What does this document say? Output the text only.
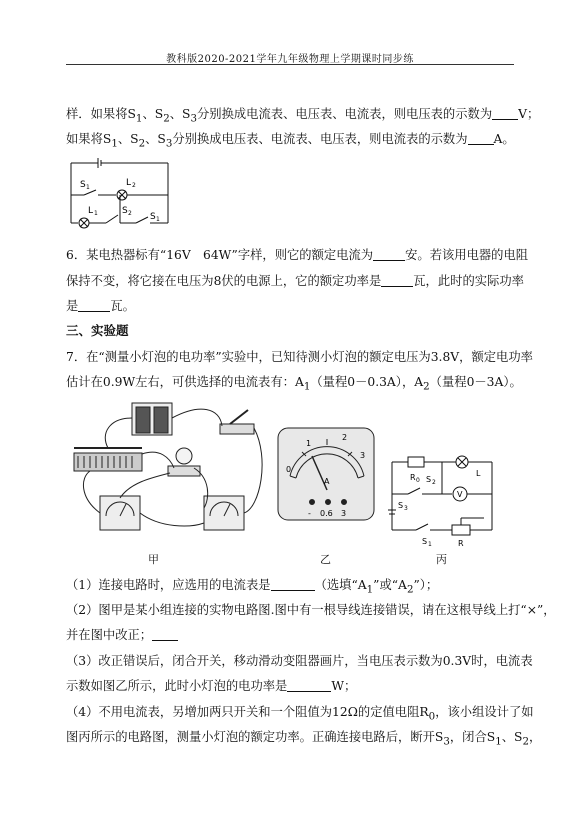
教科版2020-2021学年九年级物理上学期课时同步练
样．如果将$S_1$、$S_2$、$S_3$分别换成电流表、电压表、电流表，则电压表的示数为 V；
如果将$S_1$、$S_2$、$S_3$分别换成电压表、电流表、电压表，则电流表的示数为 A。
S 1	L 2
L 1	S 2 S 1
6．某电热器标有“16V　64W”字样，则它的额定电流为	安。若该用电器的电阻
保持不变，将它接在电压为8伏的电源上，它的额定功率是	瓦，此时的实际功率
是	瓦。
三、实验题
7．在“测量小灯泡的电功率”实验中，已知待测小灯泡的额定电压为3.8V，额定电功率
估计在0.9W左右，可供选择的电流表有：$A_1$（量程0－0.3A），$A_2$（量程0－3A）。
甲
0
1
2
3
A
- 0.6 3
乙
R 0 S 2
L
V
S 3
S 1	R
丙
（1）连接电路时，应选用的电流表是	（选填“$A_1$”或“$A_2$”）；
（2）图甲是某小组连接的实物电路图.图中有一根导线连接错误，请在这根导线上打“×”，
并在图中改正；
（3）改正错误后，闭合开关，移动滑动变阻器画片，当电压表示数为0.3V时，电流表
示数如图乙所示，此时小灯泡的电功率是	W；
（4）不用电流表，另增加两只开关和一个阻值为12Ω的定值电阻$R_0$，该小组设计了如
图丙所示的电路图，测量小灯泡的额定功率。正确连接电路后，断开$S_3$，闭合$S_1$、$S_2$，
